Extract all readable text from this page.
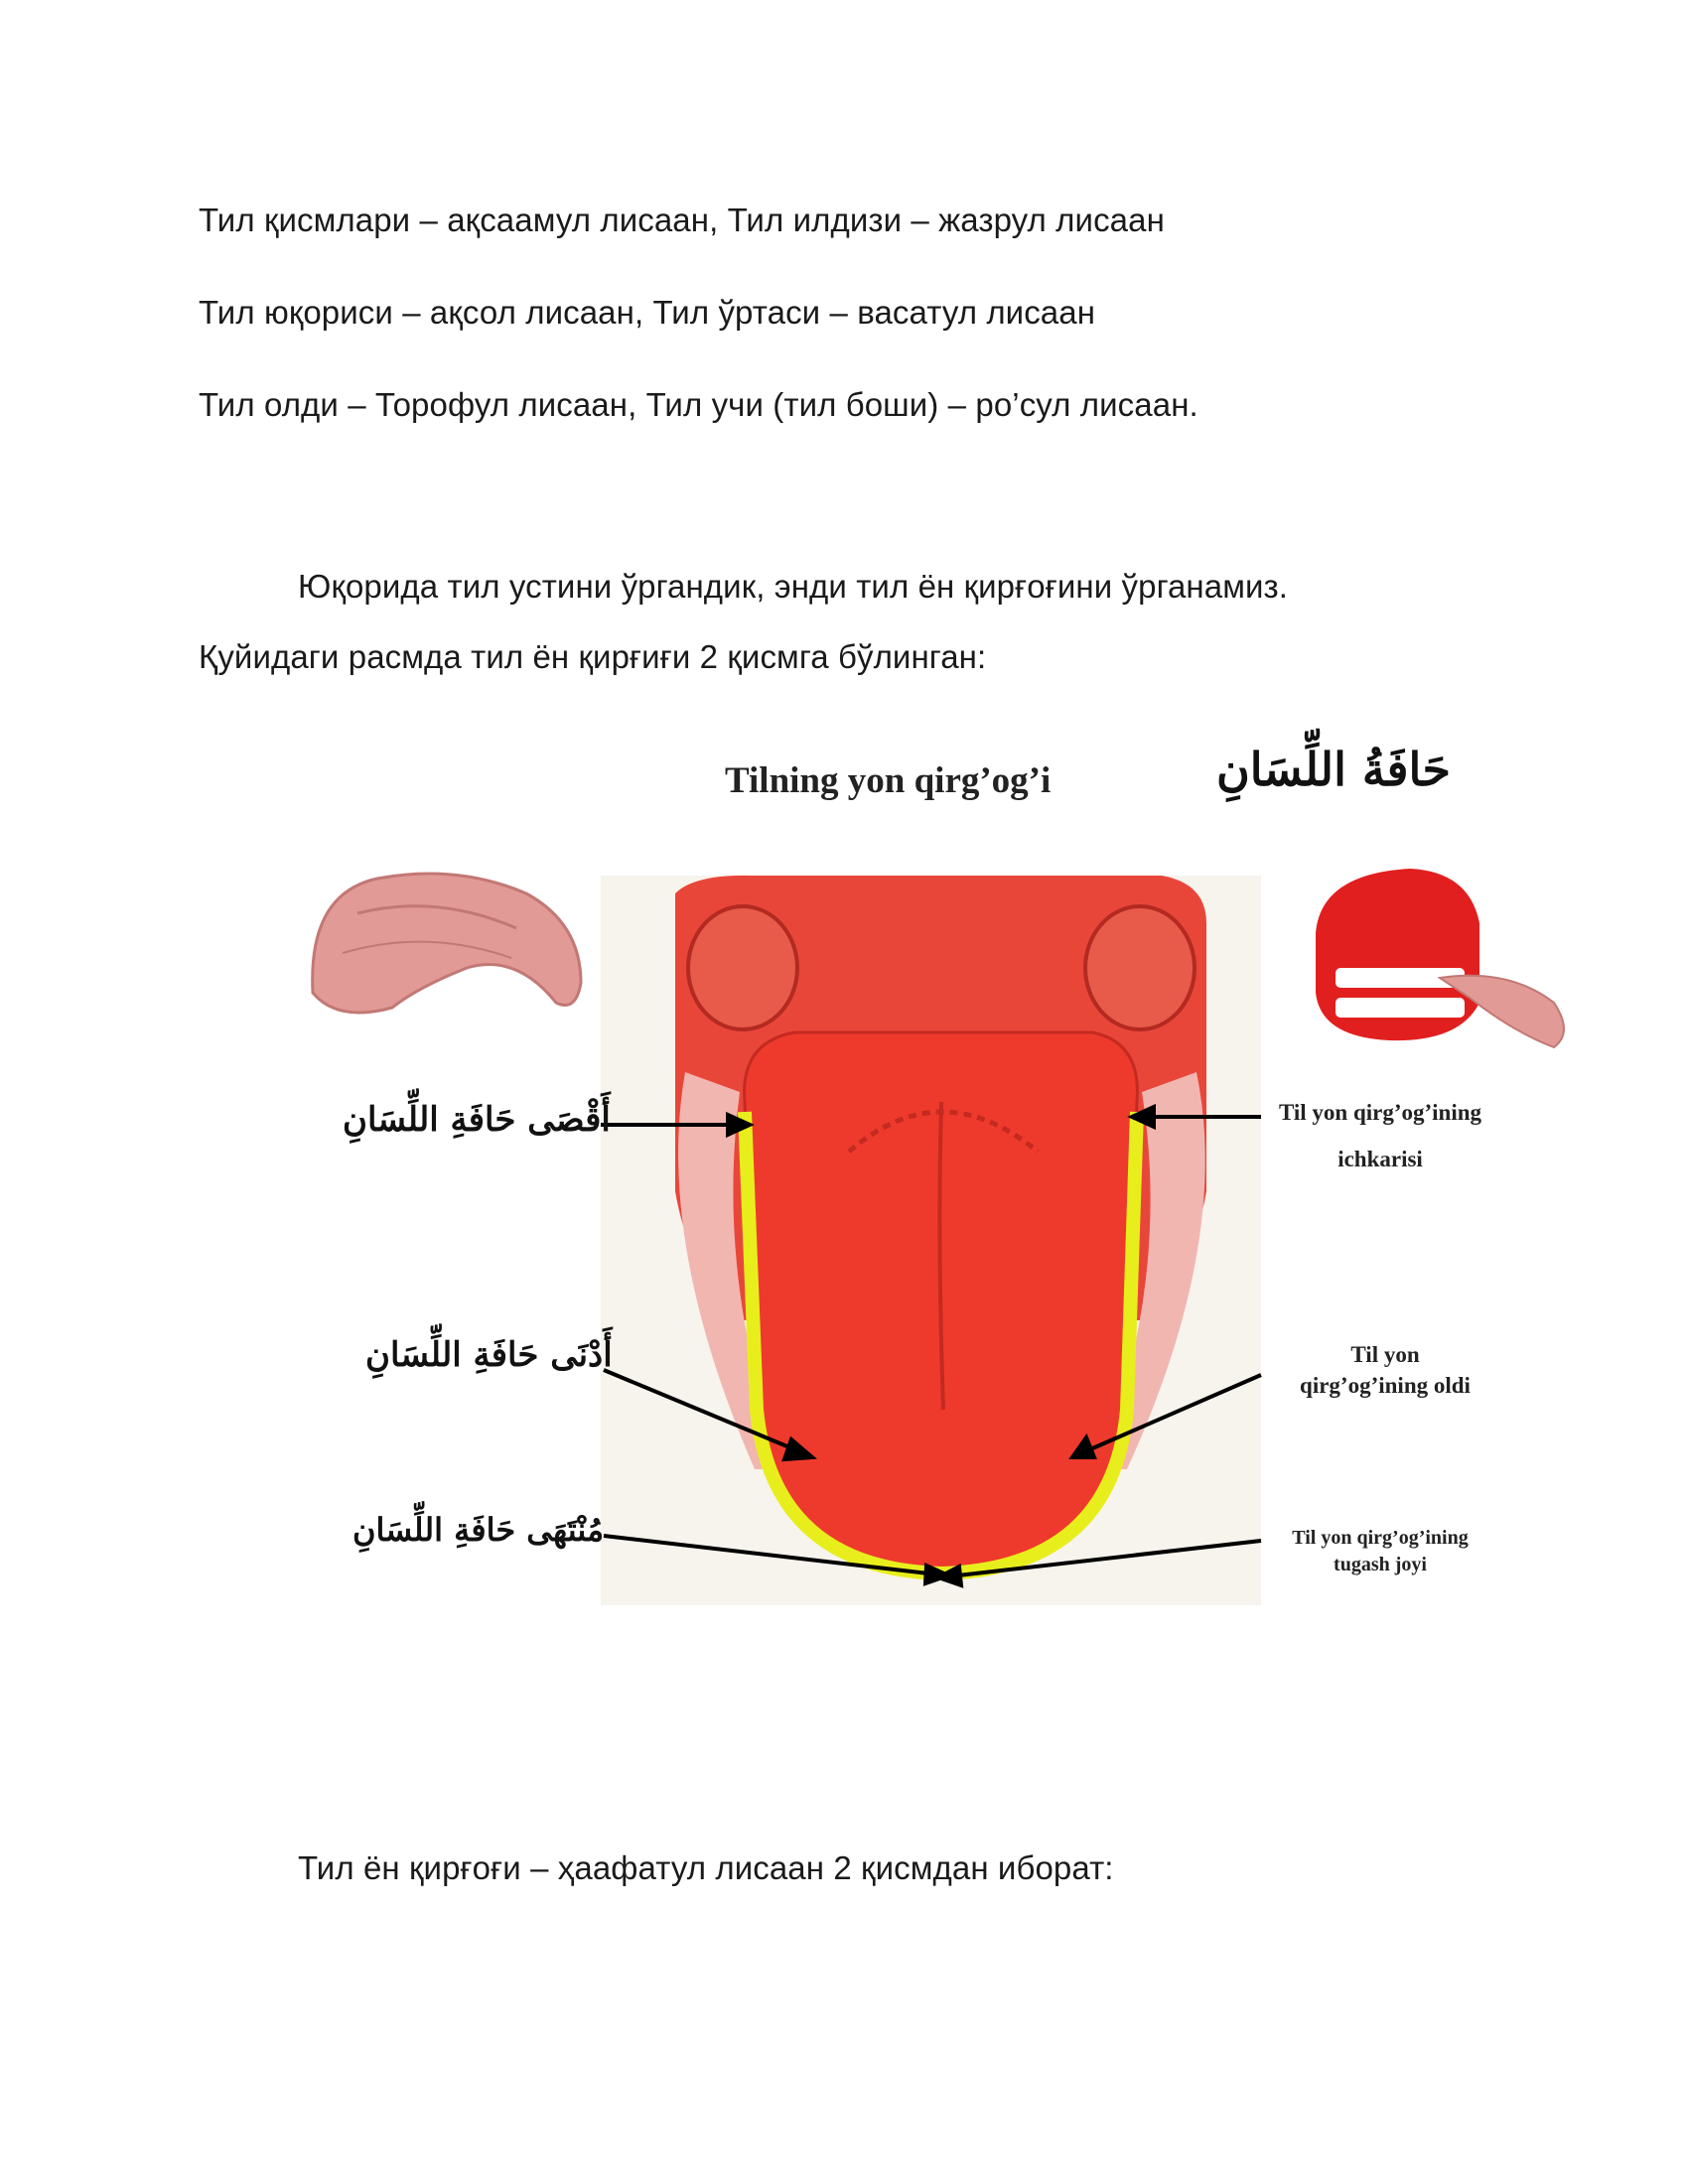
Тил қисмлари – ақсаамул лисаан, Тил илдизи – жазрул лисаан
Тил юқориси – ақсол лисаан, Тил ўртаси – васатул лисаан
Тил олди – Торофул лисаан, Тил учи (тил боши) – ро’сул лисаан.
Юқорида тил устини ўргандик, энди тил ён қирғоғини ўрганамиз.
Қуйидаги расмда тил ён қирғиғи 2 қисмга бўлинган:
Tilning yon qirg’og’i	حَافَةُ اللِّسَانِ
أَقْصَى حَافَةِ اللِّسَانِ
أَدْنَى حَافَةِ اللِّسَانِ
مُنْتَهَى حَافَةِ اللِّسَانِ
Til yon qirg’og’ining
ichkarisi
Til yon
qirg’og’ining oldi
Til yon qirg’og’ining
tugash joyi
Тил ён қирғоғи – ҳаафатул лисаан 2 қисмдан иборат:
